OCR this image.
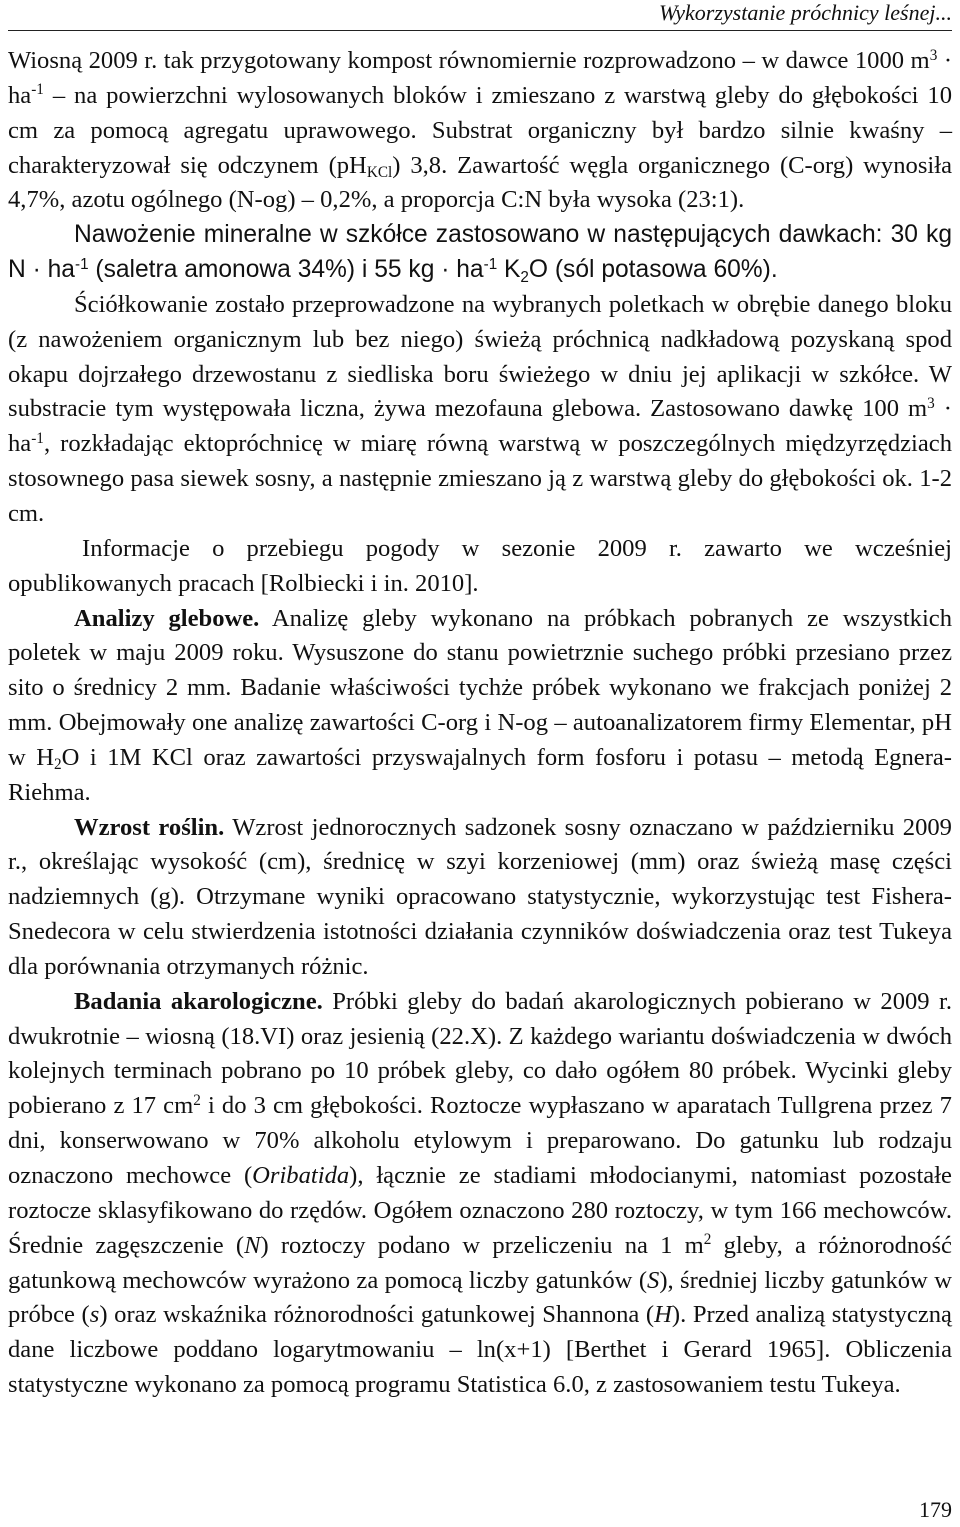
Wykorzystanie próchnicy leśnej...

Wiosną 2009 r. tak przygotowany kompost równomiernie rozprowadzono – w dawce 1000 $m^3 \cdot ha^{-1}$ – na powierzchni wylosowanych bloków i zmieszano z warstwą gleby do głębokości 10 cm za pomocą agregatu uprawowego. Substrat organiczny był bardzo silnie kwaśny – charakteryzował się odczynem $(pH_{KCl})$ 3,8. Zawartość węgla organicznego (C-org) wynosiła 4,7%, azotu ogólnego (N-og) – 0,2%, a proporcja C:N była wysoka (23:1).

Nawożenie mineralne w szkółce zastosowano w następujących dawkach: 30 kg $N \cdot ha^{-1}$ (saletra amonowa 34%) i 55 kg · $ha^{-1}$ $K_2O$ (sól potasowa 60%).

Ściółkowanie zostało przeprowadzone na wybranych poletkach w obrębie danego bloku (z nawożeniem organicznym lub bez niego) świeżą próchnicą nadkładową pozyskaną spod okapu dojrzałego drzewostanu z siedliska boru świeżego w dniu jej aplikacji w szkółce. W substracie tym występowała liczna, żywa mezofauna glebowa. Zastosowano dawkę 100 $m^3 \cdot ha^{-1}$, rozkładając ektopróchnicę w miarę równą warstwą w poszczególnych międzyrzędziach stosownego pasa siewek sosny, a następnie zmieszano ją z warstwą gleby do głębokości ok. 1-2 cm.

Informacje o przebiegu pogody w sezonie 2009 r. zawarto we wcześniej opublikowanych pracach [Rolbiecki i in. 2010].

Analizy glebowe. Analizę gleby wykonano na próbkach pobranych ze wszystkich poletek w maju 2009 roku. Wysuszone do stanu powietrznie suchego próbki przesiano przez sito o średnicy 2 mm. Badanie właściwości tychże próbek wykonano we frakcjach poniżej 2 mm. Obejmowały one analizę zawartości C-org i N-og – autoanalizatorem firmy Elementar, pH w $H_2O$ i 1M KCl oraz zawartości przyswajalnych form fosforu i potasu – metodą Egnera-Riehma.

Wzrost roślin. Wzrost jednorocznych sadzonek sosny oznaczano w październiku 2009 r., określając wysokość (cm), średnicę w szyi korzeniowej (mm) oraz świeżą masę części nadziemnych (g). Otrzymane wyniki opracowano statystycznie, wykorzystując test Fishera-Snedecora w celu stwierdzenia istotności działania czynników doświadczenia oraz test Tukeya dla porównania otrzymanych różnic.

Badania akarologiczne. Próbki gleby do badań akarologicznych pobierano w 2009 r. dwukrotnie – wiosną (18.VI) oraz jesienią (22.X). Z każdego wariantu doświadczenia w dwóch kolejnych terminach pobrano po 10 próbek gleby, co dało ogółem 80 próbek. Wycinki gleby pobierano z 17 $cm^2$ i do 3 cm głębokości. Roztocze wypłaszano w aparatach Tullgrena przez 7 dni, konserwowano w 70% alkoholu etylowym i preparowano. Do gatunku lub rodzaju oznaczono mechowce (Oribatida), łącznie ze stadiami młodocianymi, natomiast pozostałe roztocze sklasyfikowano do rzędów. Ogółem oznaczono 280 roztoczy, w tym 166 mechowców. Średnie zagęszczenie (N) roztoczy podano w przeliczeniu na 1 $m^2$ gleby, a różnorodność gatunkową mechowców wyrażono za pomocą liczby gatunków (S), średniej liczby gatunków w próbce (s) oraz wskaźnika różnorodności gatunkowej Shannona (H). Przed analizą statystyczną dane liczbowe poddano logarytmowaniu – ln(x+1) [Berthet i Gerard 1965]. Obliczenia statystyczne wykonano za pomocą programu Statistica 6.0, z zastosowaniem testu Tukeya.

179
